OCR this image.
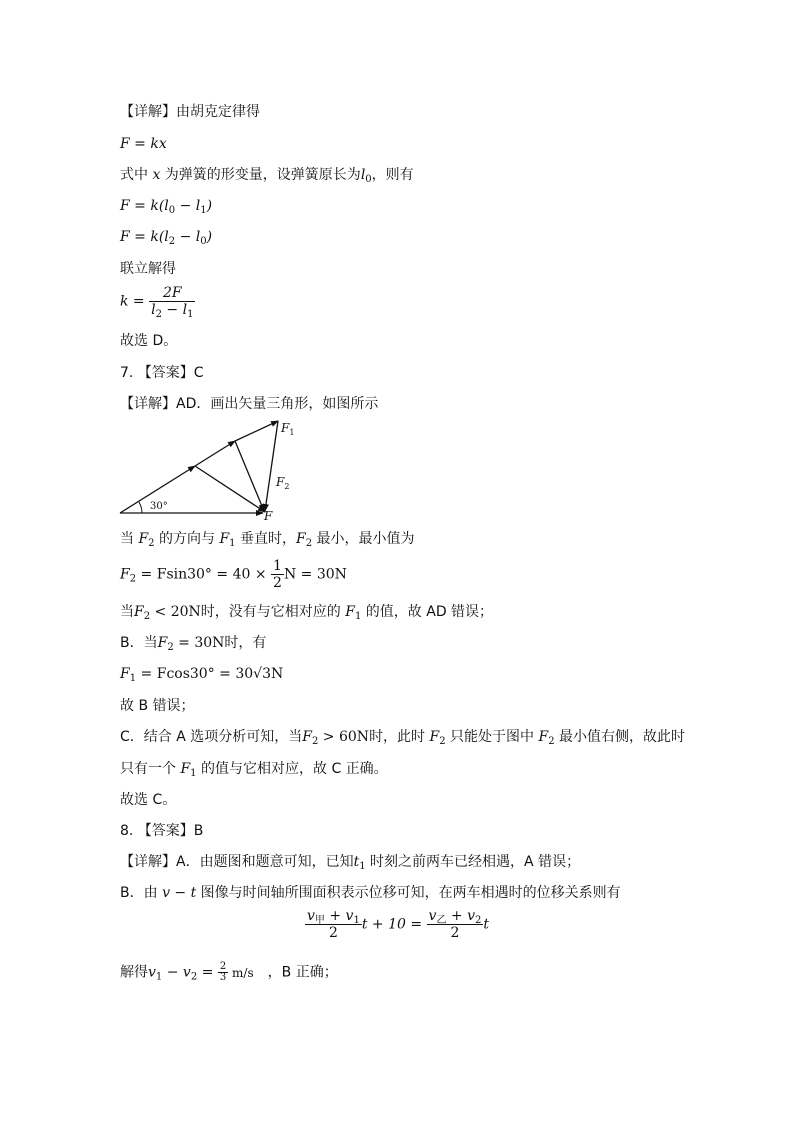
【详解】由胡克定律得
F = kx
式中 x 为弹簧的形变量，设弹簧原长为$l_0$，则有
$F = k(l_0 - l_1)$
$F = k(l_2 - l_0)$
联立解得
$k = \frac{2F}{l_2 - l_1}$
故选 D。
7. 【答案】C
【详解】AD．画出矢量三角形，如图所示
$F_1$
$F_2$
F
30°
当 $F_2$ 的方向与 $F_1$ 垂直时，$F_2$ 最小，最小值为
$F_2 = Fsin30^\circ = 40 \times \frac{1}{2}$ N = 30N
当$F_2 < 20N$时，没有与它相对应的 $F_1$ 的值，故 AD 错误；
B．当$F_2 = 30N$时，有
$F_1 = Fcos30^\circ = 30√3N$
故 B 错误；
C．结合 A 选项分析可知，当$F_2 > 60N$时，此时 $F_2$ 只能处于图中 $F_2$ 最小值右侧，故此时
只有一个 $F_1$ 的值与它相对应，故 C 正确。
故选 C。
8. 【答案】B
【详解】A．由题图和题意可知，已知$t_1$ 时刻之前两车已经相遇，A 错误；
B．由 v − t 图像与时间轴所围面积表示位移可知，在两车相遇时的位移关系则有
$\frac{v_甲 + v_1}{2}$ $t + 10 = \frac{v_乙 + v_2}{2}$ t
解得$v_1 - v_2 = \frac{2}{3} m/s$ ，B 正确；
